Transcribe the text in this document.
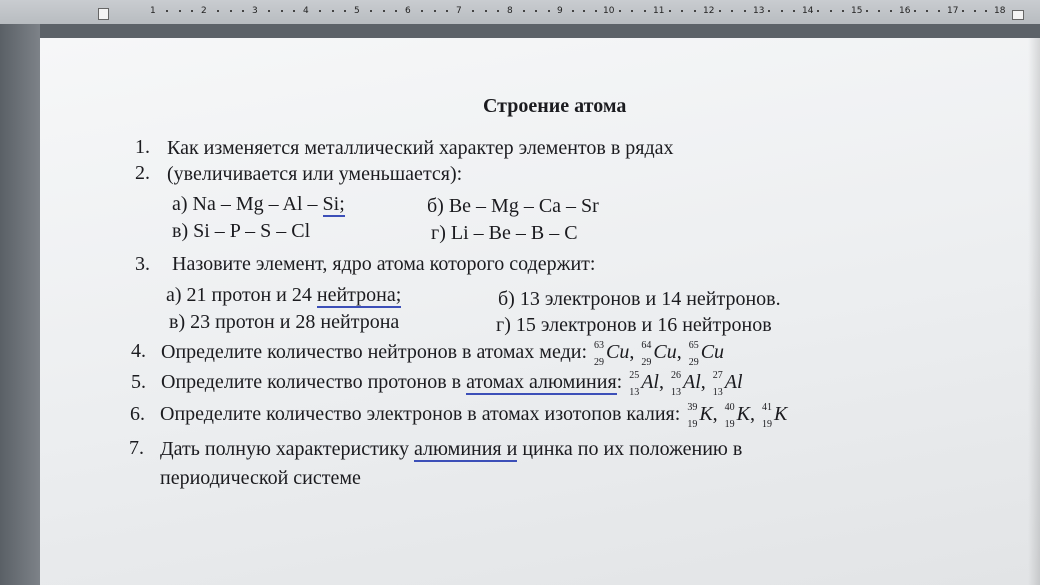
1	2	3	4	5	6	7	8	9	10	11	12	13	14	15	16	17	18
Строение атома
1. Как изменяется металлический характер элементов в рядах
2. (увеличивается или уменьшается):
а) Na – Mg – Al – Si;	б) Be – Mg – Ca – Sr
в) Si – P – S – Cl	г) Li – Be – B – C
3. Назовите элемент, ядро атома которого содержит:
а) 21 протон и 24 нейтрона;	б) 13 электронов и 14 нейтронов.
в) 23 протон и 28 нейтрона	г) 15 электронов и 16 нейтронов
4. Определите количество нейтронов в атомах меди: 63
29 Cu, 64
29 Cu, 65
29 Cu
5. Определите количество протонов в атомах алюминия: 25
13 Al, 26
13 Al, 27
13 Al
6. Определите количество электронов в атомах изотопов калия: 39
19 K, 40
19 K, 41
19 K
7. Дать полную характеристику алюминия и цинка по их положению в
периодической системе
